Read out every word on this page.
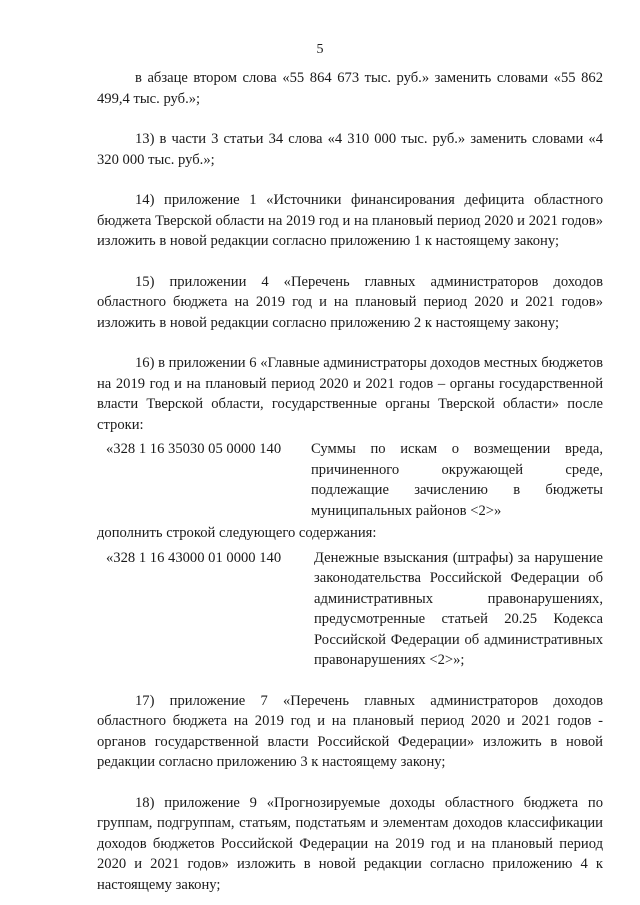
5

в абзаце втором слова «55 864 673 тыс. руб.» заменить словами «55 862 499,4 тыс. руб.»;

13) в части 3 статьи 34 слова «4 310 000 тыс. руб.» заменить словами «4 320 000 тыс. руб.»;

14) приложение 1 «Источники финансирования дефицита областного бюджета Тверской области на 2019 год и на плановый период 2020 и 2021 годов» изложить в новой редакции согласно приложению 1 к настоящему закону;

15) приложении 4 «Перечень главных администраторов доходов областного бюджета на 2019 год и на плановый период 2020 и 2021 годов» изложить в новой редакции согласно приложению 2 к настоящему закону;

16) в приложении 6 «Главные администраторы доходов местных бюджетов на 2019 год и на плановый период 2020 и 2021 годов – органы государственной власти Тверской области, государственные органы Тверской области» после строки:

«328 1 16 35030 05 0000 140	Суммы по искам о возмещении вреда, причиненного окружающей среде, подлежащие зачислению в бюджеты муниципальных районов <2>»

дополнить строкой следующего содержания:

«328 1 16 43000 01 0000 140	Денежные взыскания (штрафы) за нарушение законодательства Российской Федерации об административных правонарушениях, предусмотренные статьей 20.25 Кодекса Российской Федерации об административных правонарушениях <2>»;

17) приложение 7 «Перечень главных администраторов доходов областного бюджета на 2019 год и на плановый период 2020 и 2021 годов - органов государственной власти Российской Федерации» изложить в новой редакции согласно приложению 3 к настоящему закону;

18) приложение 9 «Прогнозируемые доходы областного бюджета по группам, подгруппам, статьям, подстатьям и элементам доходов классификации доходов бюджетов Российской Федерации на 2019 год и на плановый период 2020 и 2021 годов» изложить в новой редакции согласно приложению 4 к настоящему закону;
